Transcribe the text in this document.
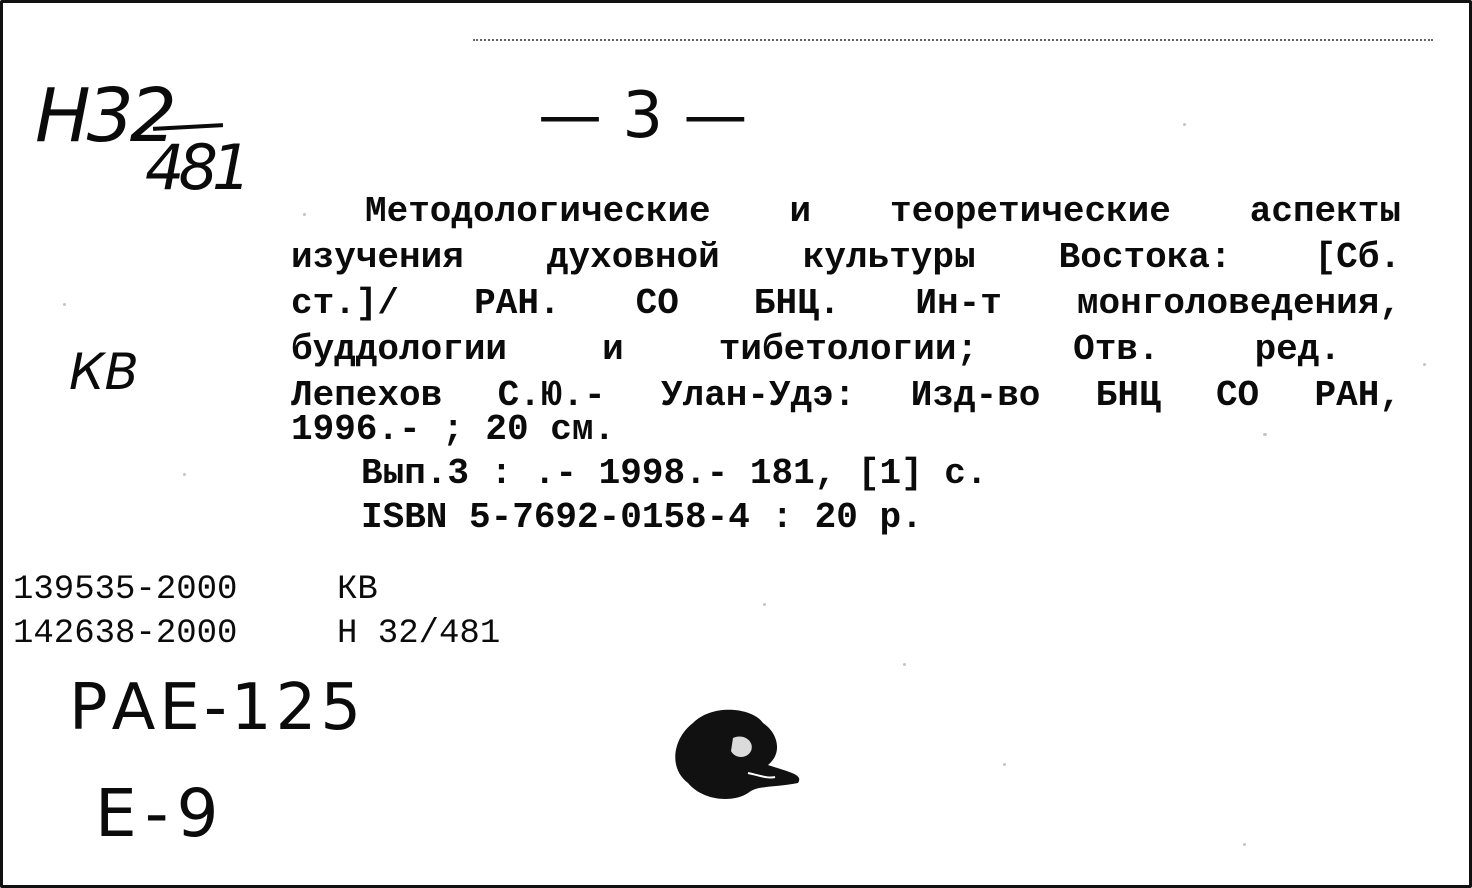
Н32
481
— 3 —
КВ
Методологические и теоретические аспекты
изучения духовной культуры Востока: [Сб.
ст.]/ РАН. СО БНЦ. Ин-т монголоведения,
буддологии	и	тибетологии;	Отв.	ред.
Лепехов С.Ю.- Улан-Удэ: Изд-во БНЦ СО РАН,
1996.- ; 20 см.
Вып.3 : .- 1998.- 181, [1] с.
ISBN 5-7692-0158-4 : 20 р.
139535-2000	КВ
142638-2000	Н 32/481
РАЕ-125
Е-9
